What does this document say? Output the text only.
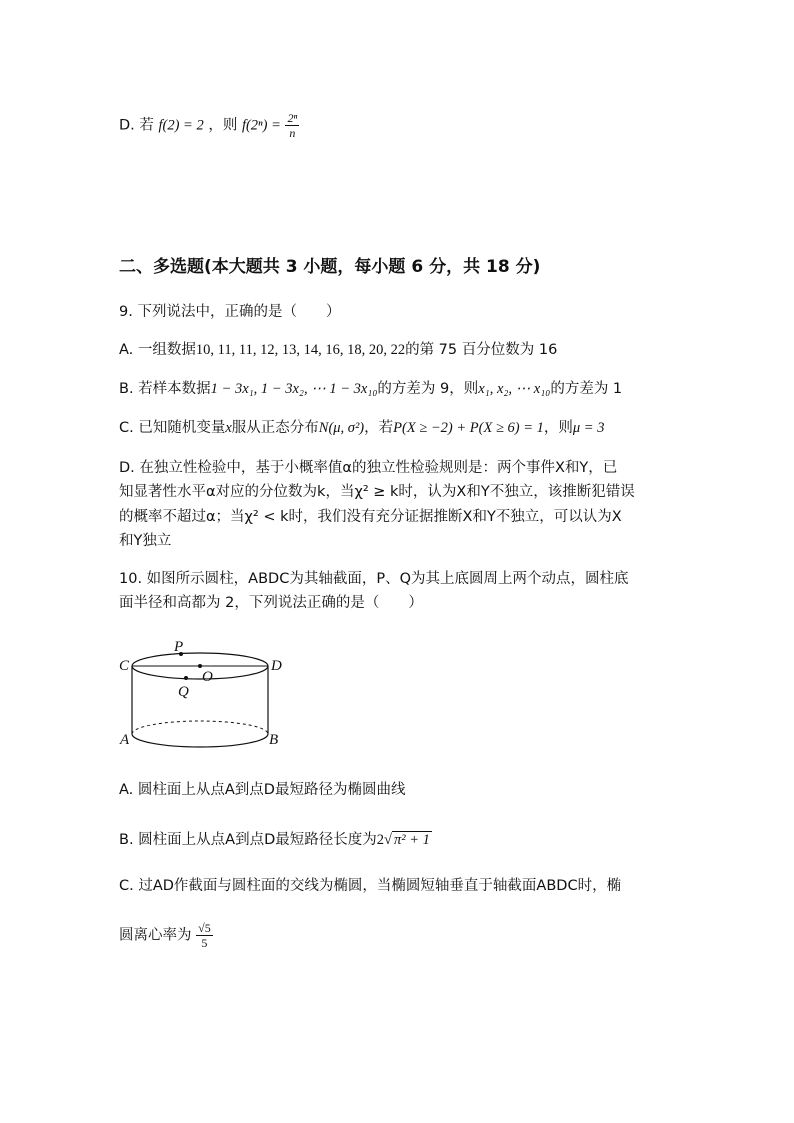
D. 若 f(2) = 2 ，则 $f(2^n) = \frac{\text{2ⁿ}}{n}$
二、多选题(本大题共 3 小题，每小题 6 分，共 18 分)
9. 下列说法中，正确的是（　　）
A. 一组数据10, 11, 11, 12, 13, 14, 16, 18, 20, 22的第 75 百分位数为 16
B. 若样本数据1 − 3x₁, 1 − 3x₂, ⋯ 1 − 3x₁₀的方差为 9，则x₁, x₂, ⋯ x₁₀的方差为 1
C. 已知随机变量x服从正态分布N(μ, σ²)，若P(X ≥ −2) + P(X ≥ 6) = 1，则μ = 3
D. 在独立性检验中，基于小概率值α的独立性检验规则是：两个事件X和Y，已
知显著性水平α对应的分位数为k，当χ² ≥ k时，认为X和Y不独立，该推断犯错误
的概率不超过α；当χ² < k时，我们没有充分证据推断X和Y不独立，可以认为X
和Y独立
10. 如图所示圆柱，ABDC为其轴截面，P、Q为其上底圆周上两个动点，圆柱底
面半径和高都为 2，下列说法正确的是（　　）
P
C	D
O
Q
A	B
A. 圆柱面上从点A到点D最短路径为椭圆曲线
B. 圆柱面上从点A到点D最短路径长度为2√ π² + 1
C. 过AD作截面与圆柱面的交线为椭圆，当椭圆短轴垂直于轴截面ABDC时，椭
圆离心率为 $\frac{√5}{5}$
